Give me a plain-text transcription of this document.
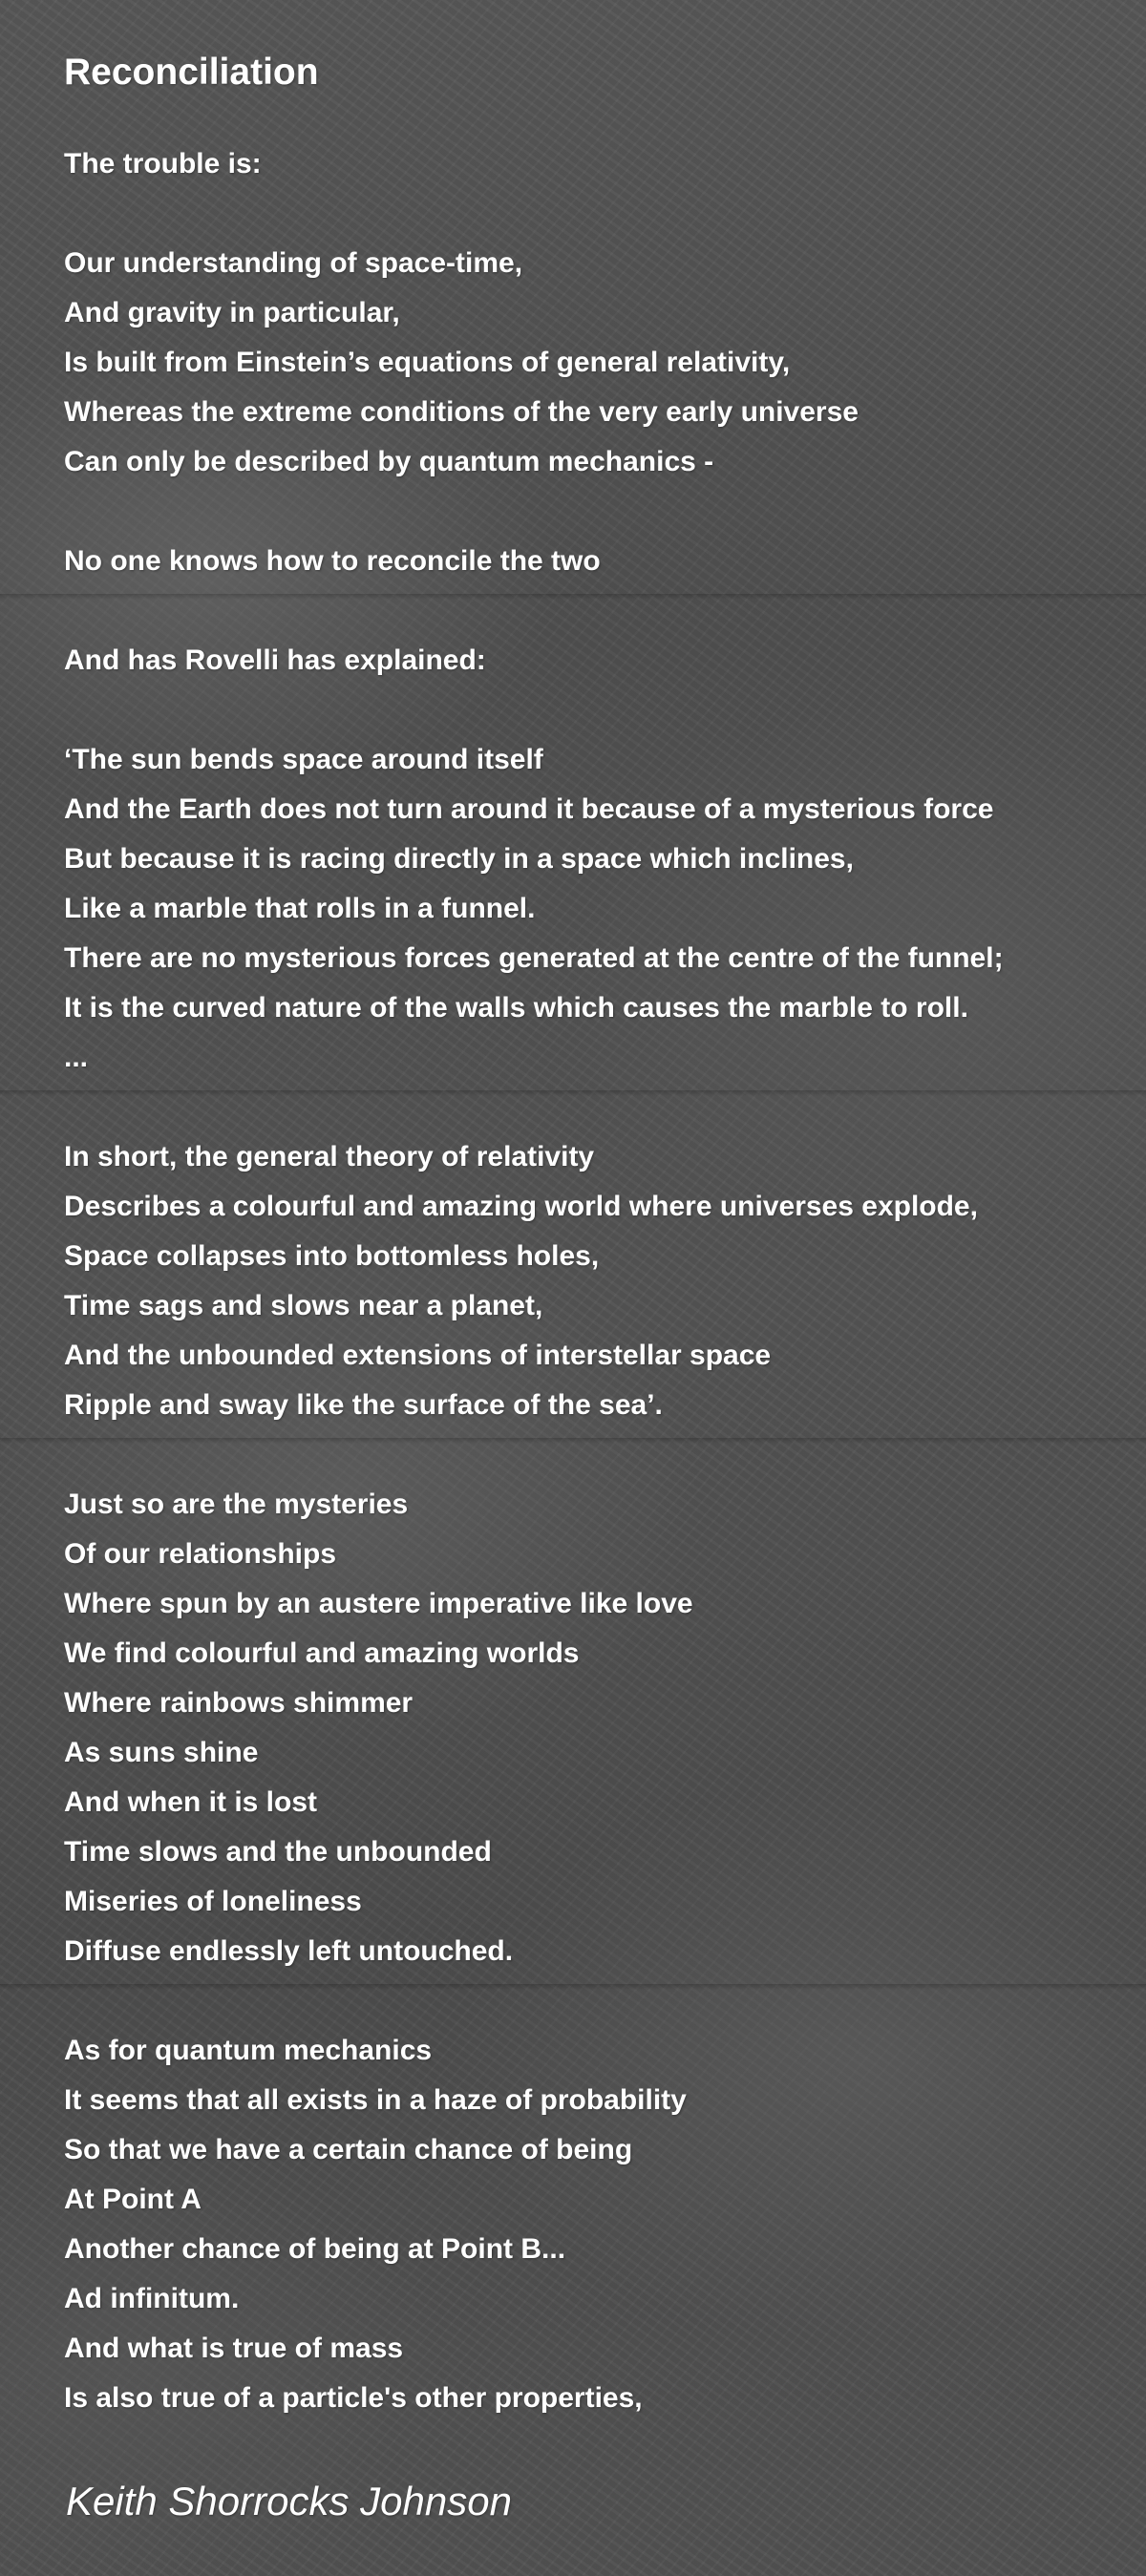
Reconciliation
The trouble is:
Our understanding of space-time,
And gravity in particular,
Is built from Einstein’s equations of general relativity,
Whereas the extreme conditions of the very early universe
Can only be described by quantum mechanics -
No one knows how to reconcile the two
And has Rovelli has explained:
‘The sun bends space around itself
And the Earth does not turn around it because of a mysterious force
But because it is racing directly in a space which inclines,
Like a marble that rolls in a funnel.
There are no mysterious forces generated at the centre of the funnel;
It is the curved nature of the walls which causes the marble to roll.
...
In short, the general theory of relativity
Describes a colourful and amazing world where universes explode,
Space collapses into bottomless holes,
Time sags and slows near a planet,
And the unbounded extensions of interstellar space
Ripple and sway like the surface of the sea’.
Just so are the mysteries
Of our relationships
Where spun by an austere imperative like love
We find colourful and amazing worlds
Where rainbows shimmer
As suns shine
And when it is lost
Time slows and the unbounded
Miseries of loneliness
Diffuse endlessly left untouched.
As for quantum mechanics
It seems that all exists in a haze of probability
So that we have a certain chance of being
At Point A
Another chance of being at Point B...
Ad infinitum.
And what is true of mass
Is also true of a particle's other properties,

Keith Shorrocks Johnson
